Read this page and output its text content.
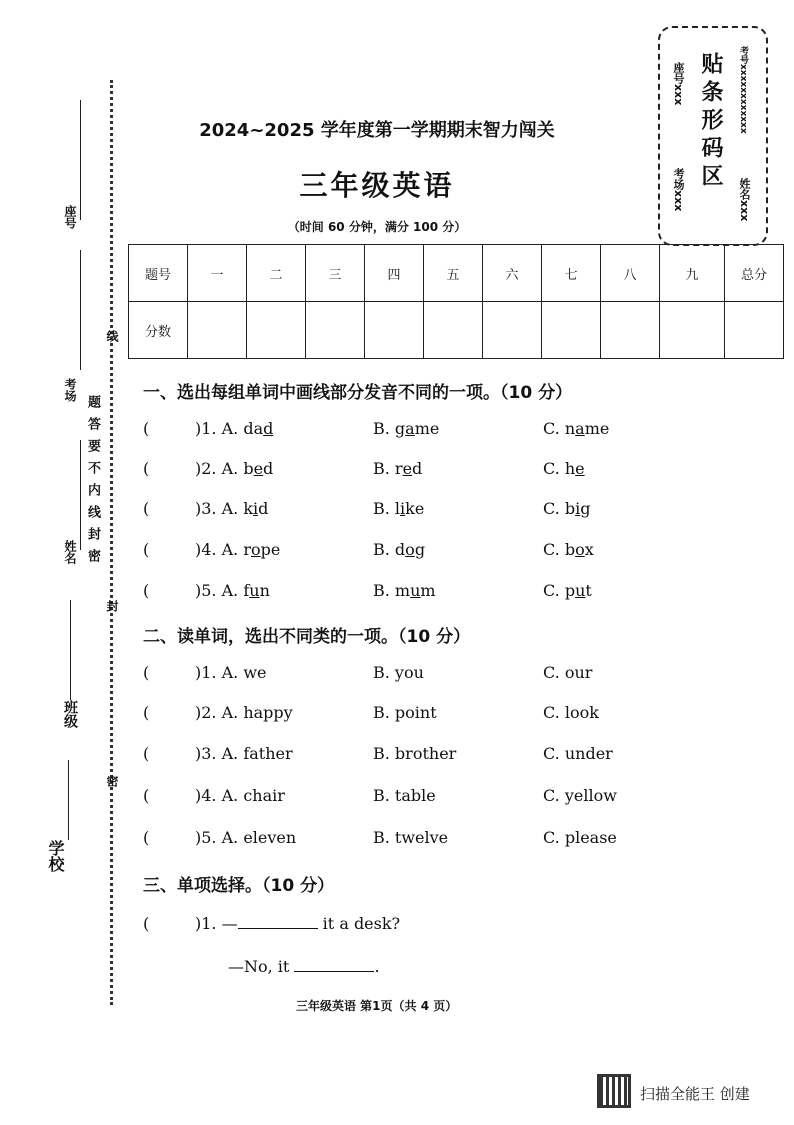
座号
考场
姓名
班级
学校
题答要不内线封密
线
封
密
座号xxx
考场xxx 贴条形码区	考号xxxxxxxxxxxx
姓名xxx
2024~2025 学年度第一学期期末智力闯关
三年级英语
（时间 60 分钟，满分 100 分）
题号	一	二	三	四	五	六	七	八	九	总分
分数										
一、选出每组单词中画线部分发音不同的一项。（10 分）
(	)1. A. dad	B. game	C. name
(	)2. A. bed	B. red	C. he
(	)3. A. kid	B. like	C. big
(	)4. A. rope	B. dog	C. box
(	)5. A. fun	B. mum	C. put
二、读单词，选出不同类的一项。（10 分）
(	)1. A. we	B. you	C. our
(	)2. A. happy	B. point	C. look
(	)3. A. father	B. brother	C. under
(	)4. A. chair	B. table	C. yellow
(	)5. A. eleven	B. twelve	C. please
三、单项选择。（10 分）
(	)1. —	it a desk?
—No, it	.
三年级英语 第1页（共 4 页）
扫描全能王 创建
